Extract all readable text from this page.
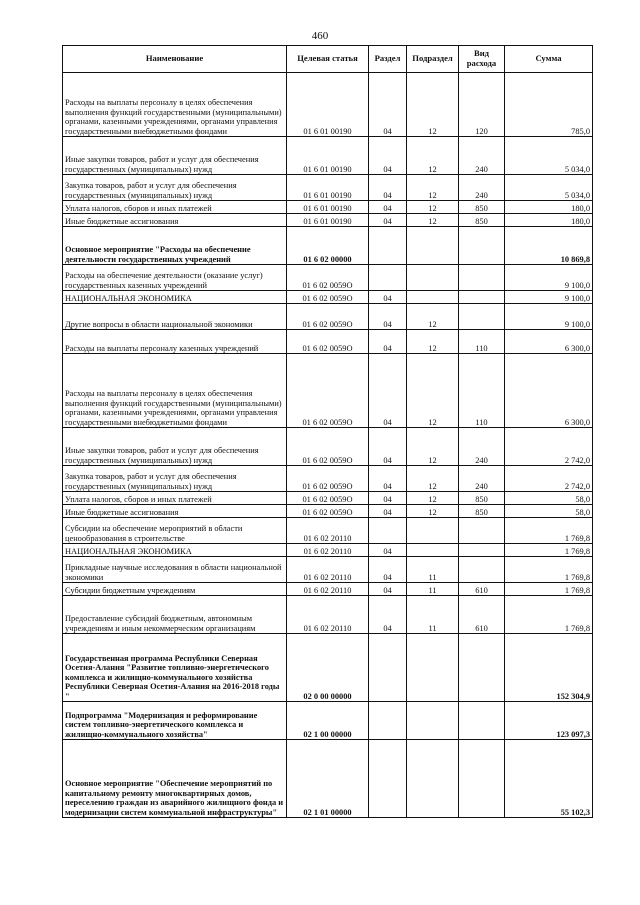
460
Наименование	Целевая статья	Раздел	Подраздел	Вид расхода	Сумма
Расходы на выплаты персоналу в целях обеспечения выполнения функций государственными (муниципальными) органами, казенными учреждениями, органами управления государственными внебюджетными фондами	01 6 01 00190	04	12	120	785,0
Иные закупки товаров, работ и услуг для обеспечения государственных (муниципальных) нужд	01 6 01 00190	04	12	240	5 034,0
Закупка товаров, работ и услуг для обеспечения государственных (муниципальных) нужд	01 6 01 00190	04	12	240	5 034,0
Уплата налогов, сборов и иных платежей	01 6 01 00190	04	12	850	180,0
Иные бюджетные ассигнования	01 6 01 00190	04	12	850	180,0
Основное мероприятие "Расходы на обеспечение деятельности государственных учреждений	01 6 02 00000				10 869,8
Расходы на обеспечение деятельности (оказание услуг) государственных казенных учреждений	01 6 02 0059О				9 100,0
НАЦИОНАЛЬНАЯ ЭКОНОМИКА	01 6 02 0059О	04			9 100,0
Другие вопросы в области национальной экономики	01 6 02 0059О	04	12		9 100,0
Расходы на выплаты персоналу казенных учреждений	01 6 02 0059О	04	12	110	6 300,0
Расходы на выплаты персоналу в целях обеспечения выполнения функций государственными (муниципальными) органами, казенными учреждениями, органами управления государственными внебюджетными фондами	01 6 02 0059О	04	12	110	6 300,0
Иные закупки товаров, работ и услуг для обеспечения государственных (муниципальных) нужд	01 6 02 0059О	04	12	240	2 742,0
Закупка товаров, работ и услуг для обеспечения государственных (муниципальных) нужд	01 6 02 0059О	04	12	240	2 742,0
Уплата налогов, сборов и иных платежей	01 6 02 0059О	04	12	850	58,0
Иные бюджетные ассигнования	01 6 02 0059О	04	12	850	58,0
Субсидии на обеспечение мероприятий в области ценообразования в строительстве	01 6 02 20110				1 769,8
НАЦИОНАЛЬНАЯ ЭКОНОМИКА	01 6 02 20110	04			1 769,8
Прикладные научные исследования в области национальной экономики	01 6 02 20110	04	11		1 769,8
Субсидии бюджетным учреждениям	01 6 02 20110	04	11	610	1 769,8
Предоставление субсидий бюджетным, автономным учреждениям и иным некоммерческим организациям	01 6 02 20110	04	11	610	1 769,8
Государственная программа Республики Северная Осетия-Алания "Развитие топливно-энергетического комплекса и жилищно-коммунального хозяйства Республики Северная Осетия-Алания на 2016-2018 годы "	02 0 00 00000				152 304,9
Подпрограмма "Модернизация и реформирование систем топливно-энергетического комплекса и жилищно-коммунального хозяйства"	02 1 00 00000				123 097,3
Основное мероприятие "Обеспечение мероприятий по капитальному ремонту многоквартирных домов, переселению граждан из аварийного жилищного фонда и модернизации систем коммунальной инфраструктуры"	02 1 01 00000				55 102,3
